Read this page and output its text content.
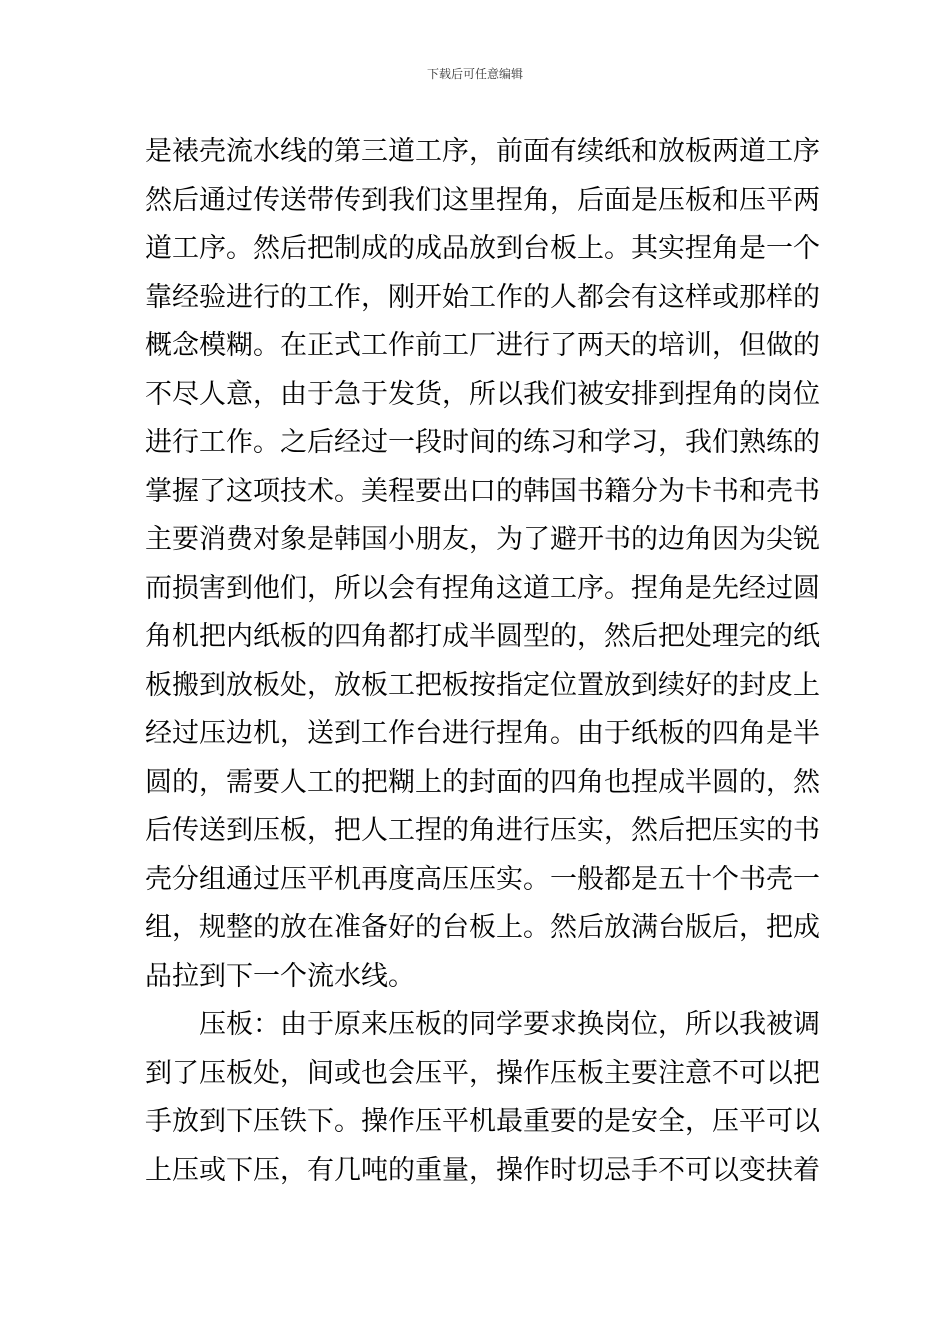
下载后可任意编辑
是裱壳流水线的第三道工序，前面有续纸和放板两道工序
然后通过传送带传到我们这里捏角，后面是压板和压平两
道工序。然后把制成的成品放到台板上。其实捏角是一个
靠经验进行的工作，刚开始工作的人都会有这样或那样的
概念模糊。在正式工作前工厂进行了两天的培训，但做的
不尽人意，由于急于发货，所以我们被安排到捏角的岗位
进行工作。之后经过一段时间的练习和学习，我们熟练的
掌握了这项技术。美程要出口的韩国书籍分为卡书和壳书
主要消费对象是韩国小朋友，为了避开书的边角因为尖锐
而损害到他们，所以会有捏角这道工序。捏角是先经过圆
角机把内纸板的四角都打成半圆型的，然后把处理完的纸
板搬到放板处，放板工把板按指定位置放到续好的封皮上
经过压边机，送到工作台进行捏角。由于纸板的四角是半
圆的，需要人工的把糊上的封面的四角也捏成半圆的，然
后传送到压板，把人工捏的角进行压实，然后把压实的书
壳分组通过压平机再度高压压实。一般都是五十个书壳一
组，规整的放在准备好的台板上。然后放满台版后，把成
品拉到下一个流水线。
压板：由于原来压板的同学要求换岗位，所以我被调
到了压板处，间或也会压平，操作压板主要注意不可以把
手放到下压铁下。操作压平机最重要的是安全，压平可以
上压或下压，有几吨的重量，操作时切忌手不可以变扶着
